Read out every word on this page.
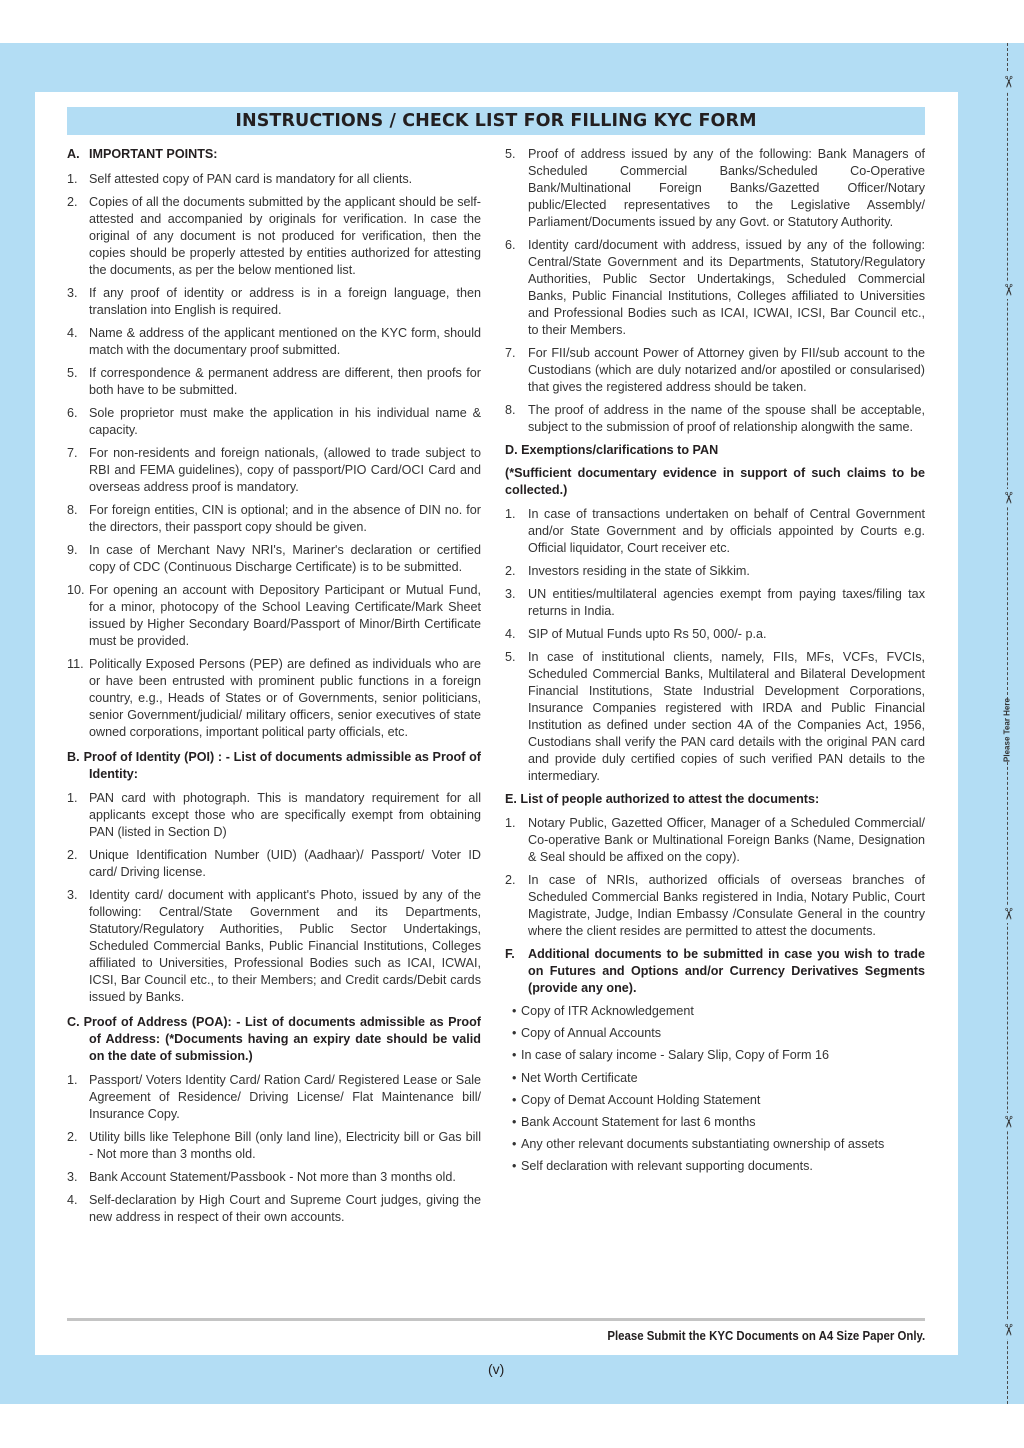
✂
✂
✂
Please Tear Here
✂
✂
✂
INSTRUCTIONS / CHECK LIST FOR FILLING KYC FORM
A. IMPORTANT POINTS:
1. Self attested copy of PAN card is mandatory for all clients.
2. Copies of all the documents submitted by the applicant should be self-attested and accompanied by originals for verification. In case the original of any document is not produced for verification, then the copies should be properly attested by entities authorized for attesting the documents, as per the below mentioned list.
3. If any proof of identity or address is in a foreign language, then translation into English is required.
4. Name & address of the applicant mentioned on the KYC form, should match with the documentary proof submitted.
5. If correspondence & permanent address are different, then proofs for both have to be submitted.
6. Sole proprietor must make the application in his individual name & capacity.
7. For non-residents and foreign nationals, (allowed to trade subject to RBI and FEMA guidelines), copy of passport/PIO Card/OCI Card and overseas address proof is mandatory.
8. For foreign entities, CIN is optional; and in the absence of DIN no. for the directors, their passport copy should be given.
9. In case of Merchant Navy NRI's, Mariner's declaration or certified copy of CDC (Continuous Discharge Certificate) is to be submitted.
10. For opening an account with Depository Participant or Mutual Fund, for a minor, photocopy of the School Leaving Certificate/Mark Sheet issued by Higher Secondary Board/Passport of Minor/Birth Certificate must be provided.
11. Politically Exposed Persons (PEP) are defined as individuals who are or have been entrusted with prominent public functions in a foreign country, e.g., Heads of States or of Governments, senior politicians, senior Government/judicial/ military officers, senior executives of state owned corporations, important political party officials, etc.
B. Proof of Identity (POI) : - List of documents admissible as Proof of Identity:
1. PAN card with photograph. This is mandatory requirement for all applicants except those who are specifically exempt from obtaining PAN (listed in Section D)
2. Unique Identification Number (UID) (Aadhaar)/ Passport/ Voter ID card/ Driving license.
3. Identity card/ document with applicant's Photo, issued by any of the following: Central/State Government and its Departments, Statutory/Regulatory Authorities, Public Sector Undertakings, Scheduled Commercial Banks, Public Financial Institutions, Colleges affiliated to Universities, Professional Bodies such as ICAI, ICWAI, ICSI, Bar Council etc., to their Members; and Credit cards/Debit cards issued by Banks.
C. Proof of Address (POA): - List of documents admissible as Proof of Address: (*Documents having an expiry date should be valid on the date of submission.)
1. Passport/ Voters Identity Card/ Ration Card/ Registered Lease or Sale Agreement of Residence/ Driving License/ Flat Maintenance bill/ Insurance Copy.
2. Utility bills like Telephone Bill (only land line), Electricity bill or Gas bill - Not more than 3 months old.
3. Bank Account Statement/Passbook - Not more than 3 months old.
4. Self-declaration by High Court and Supreme Court judges, giving the new address in respect of their own accounts.
5. Proof of address issued by any of the following: Bank Managers of Scheduled Commercial Banks/Scheduled Co-Operative Bank/Multinational Foreign Banks/Gazetted Officer/Notary public/Elected representatives to the Legislative Assembly/ Parliament/Documents issued by any Govt. or Statutory Authority.
6. Identity card/document with address, issued by any of the following: Central/State Government and its Departments, Statutory/Regulatory Authorities, Public Sector Undertakings, Scheduled Commercial Banks, Public Financial Institutions, Colleges affiliated to Universities and Professional Bodies such as ICAI, ICWAI, ICSI, Bar Council etc., to their Members.
7. For FII/sub account Power of Attorney given by FII/sub account to the Custodians (which are duly notarized and/or apostiled or consularised) that gives the registered address should be taken.
8. The proof of address in the name of the spouse shall be acceptable, subject to the submission of proof of relationship alongwith the same.
D. Exemptions/clarifications to PAN
(*Sufficient documentary evidence in support of such claims to be collected.)
1. In case of transactions undertaken on behalf of Central Government and/or State Government and by officials appointed by Courts e.g. Official liquidator, Court receiver etc.
2. Investors residing in the state of Sikkim.
3. UN entities/multilateral agencies exempt from paying taxes/filing tax returns in India.
4. SIP of Mutual Funds upto Rs 50, 000/- p.a.
5. In case of institutional clients, namely, FIIs, MFs, VCFs, FVCIs, Scheduled Commercial Banks, Multilateral and Bilateral Development Financial Institutions, State Industrial Development Corporations, Insurance Companies registered with IRDA and Public Financial Institution as defined under section 4A of the Companies Act, 1956, Custodians shall verify the PAN card details with the original PAN card and provide duly certified copies of such verified PAN details to the intermediary.
E. List of people authorized to attest the documents:
1. Notary Public, Gazetted Officer, Manager of a Scheduled Commercial/ Co-operative Bank or Multinational Foreign Banks (Name, Designation & Seal should be affixed on the copy).
2. In case of NRIs, authorized officials of overseas branches of Scheduled Commercial Banks registered in India, Notary Public, Court Magistrate, Judge, Indian Embassy /Consulate General in the country where the client resides are permitted to attest the documents.
F. Additional documents to be submitted in case you wish to trade on Futures and Options and/or Currency Derivatives Segments (provide any one).
• Copy of ITR Acknowledgement
• Copy of Annual Accounts
• In case of salary income - Salary Slip, Copy of Form 16
• Net Worth Certificate
• Copy of Demat Account Holding Statement
• Bank Account Statement for last 6 months
• Any other relevant documents substantiating ownership of assets
• Self declaration with relevant supporting documents.
Please Submit the KYC Documents on A4 Size Paper Only.
(v)
